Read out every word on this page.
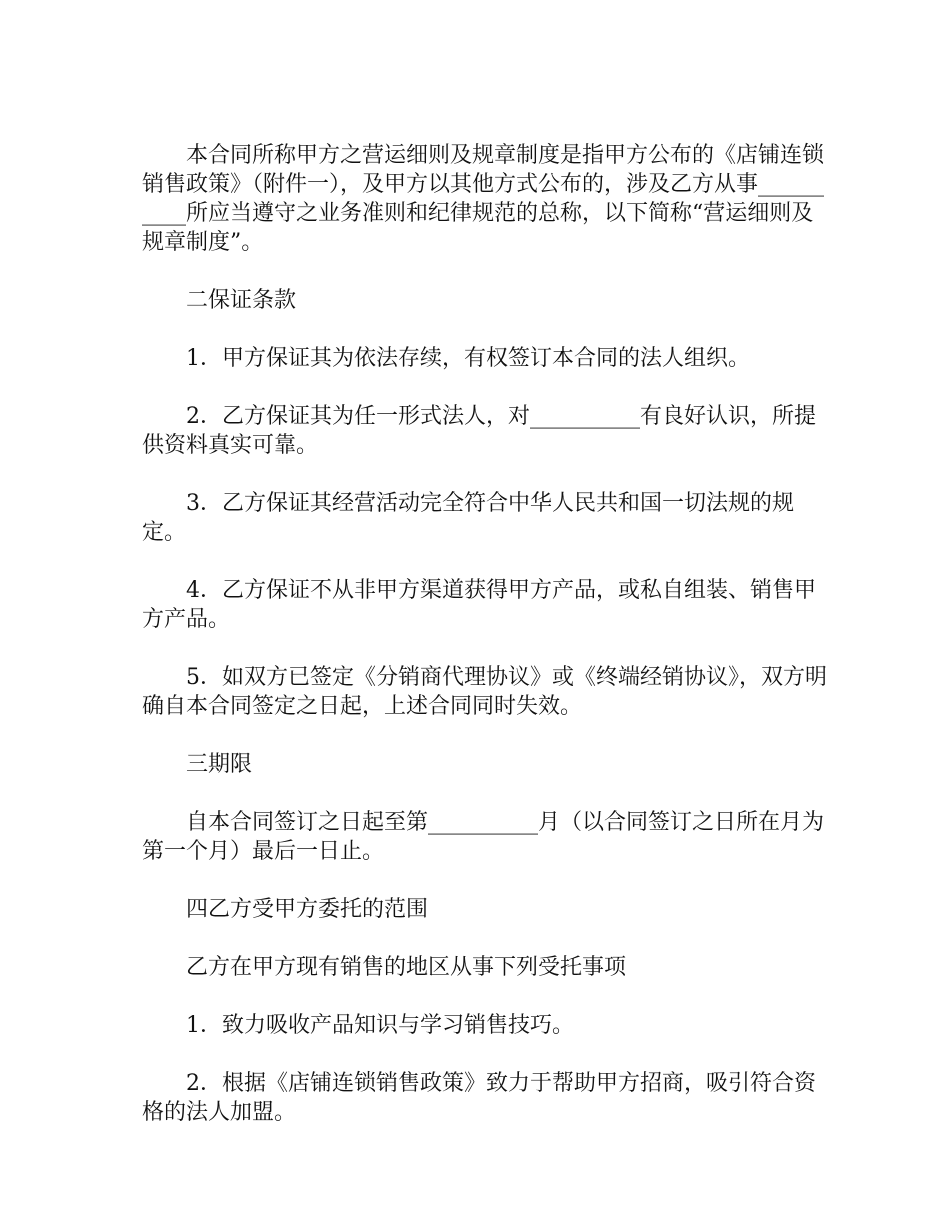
本合同所称甲方之营运细则及规章制度是指甲方公布的《店铺连锁销售政策》（附件一），及甲方以其他方式公布的，涉及乙方从事__________所应当遵守之业务准则和纪律规范的总称，以下简称“营运细则及规章制度”。

二保证条款

1．甲方保证其为依法存续，有权签订本合同的法人组织。

2．乙方保证其为任一形式法人，对__________有良好认识，所提供资料真实可靠。

3．乙方保证其经营活动完全符合中华人民共和国一切法规的规定。

4．乙方保证不从非甲方渠道获得甲方产品，或私自组装、销售甲方产品。

5．如双方已签定《分销商代理协议》或《终端经销协议》，双方明确自本合同签定之日起，上述合同同时失效。

三期限

自本合同签订之日起至第__________月（以合同签订之日所在月为第一个月）最后一日止。

四乙方受甲方委托的范围

乙方在甲方现有销售的地区从事下列受托事项

1．致力吸收产品知识与学习销售技巧。

2．根据《店铺连锁销售政策》致力于帮助甲方招商，吸引符合资格的法人加盟。
